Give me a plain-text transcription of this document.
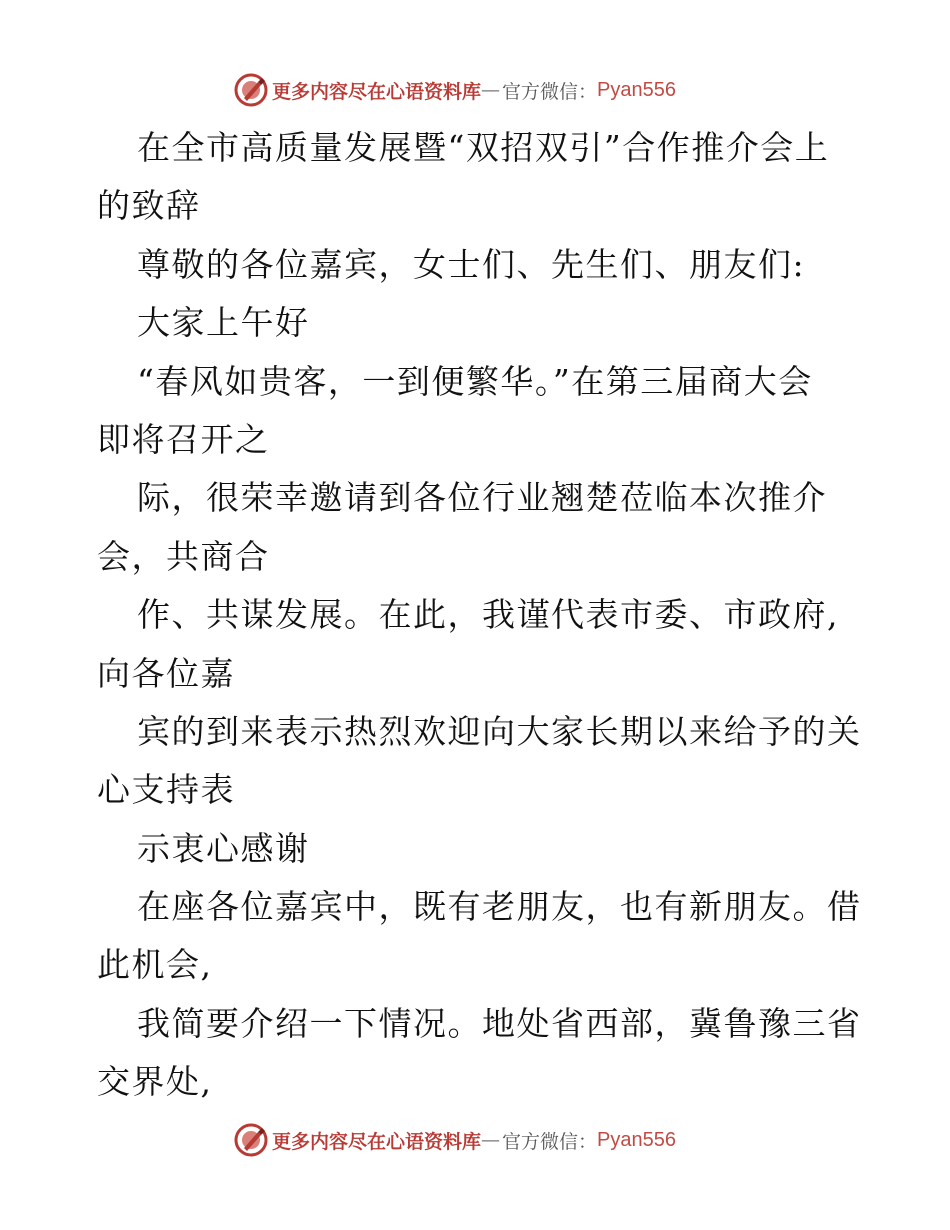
更多内容尽在心语资料库 — 官方微信： Pyan556
在全市高质量发展暨“双招双引”合作推介会上
的致辞
尊敬的各位嘉宾，女士们、先生们、朋友们:
大家上午好
“春风如贵客，一到便繁华。”在第三届商大会
即将召开之
际，很荣幸邀请到各位行业翘楚莅临本次推介
会，共商合
作、共谋发展。在此，我谨代表市委、市政府,
向各位嘉
宾的到来表示热烈欢迎向大家长期以来给予的关
心支持表
示衷心感谢
在座各位嘉宾中，既有老朋友，也有新朋友。借
此机会,
我简要介绍一下情况。地处省西部，冀鲁豫三省
交界处,
更多内容尽在心语资料库 — 官方微信： Pyan556
